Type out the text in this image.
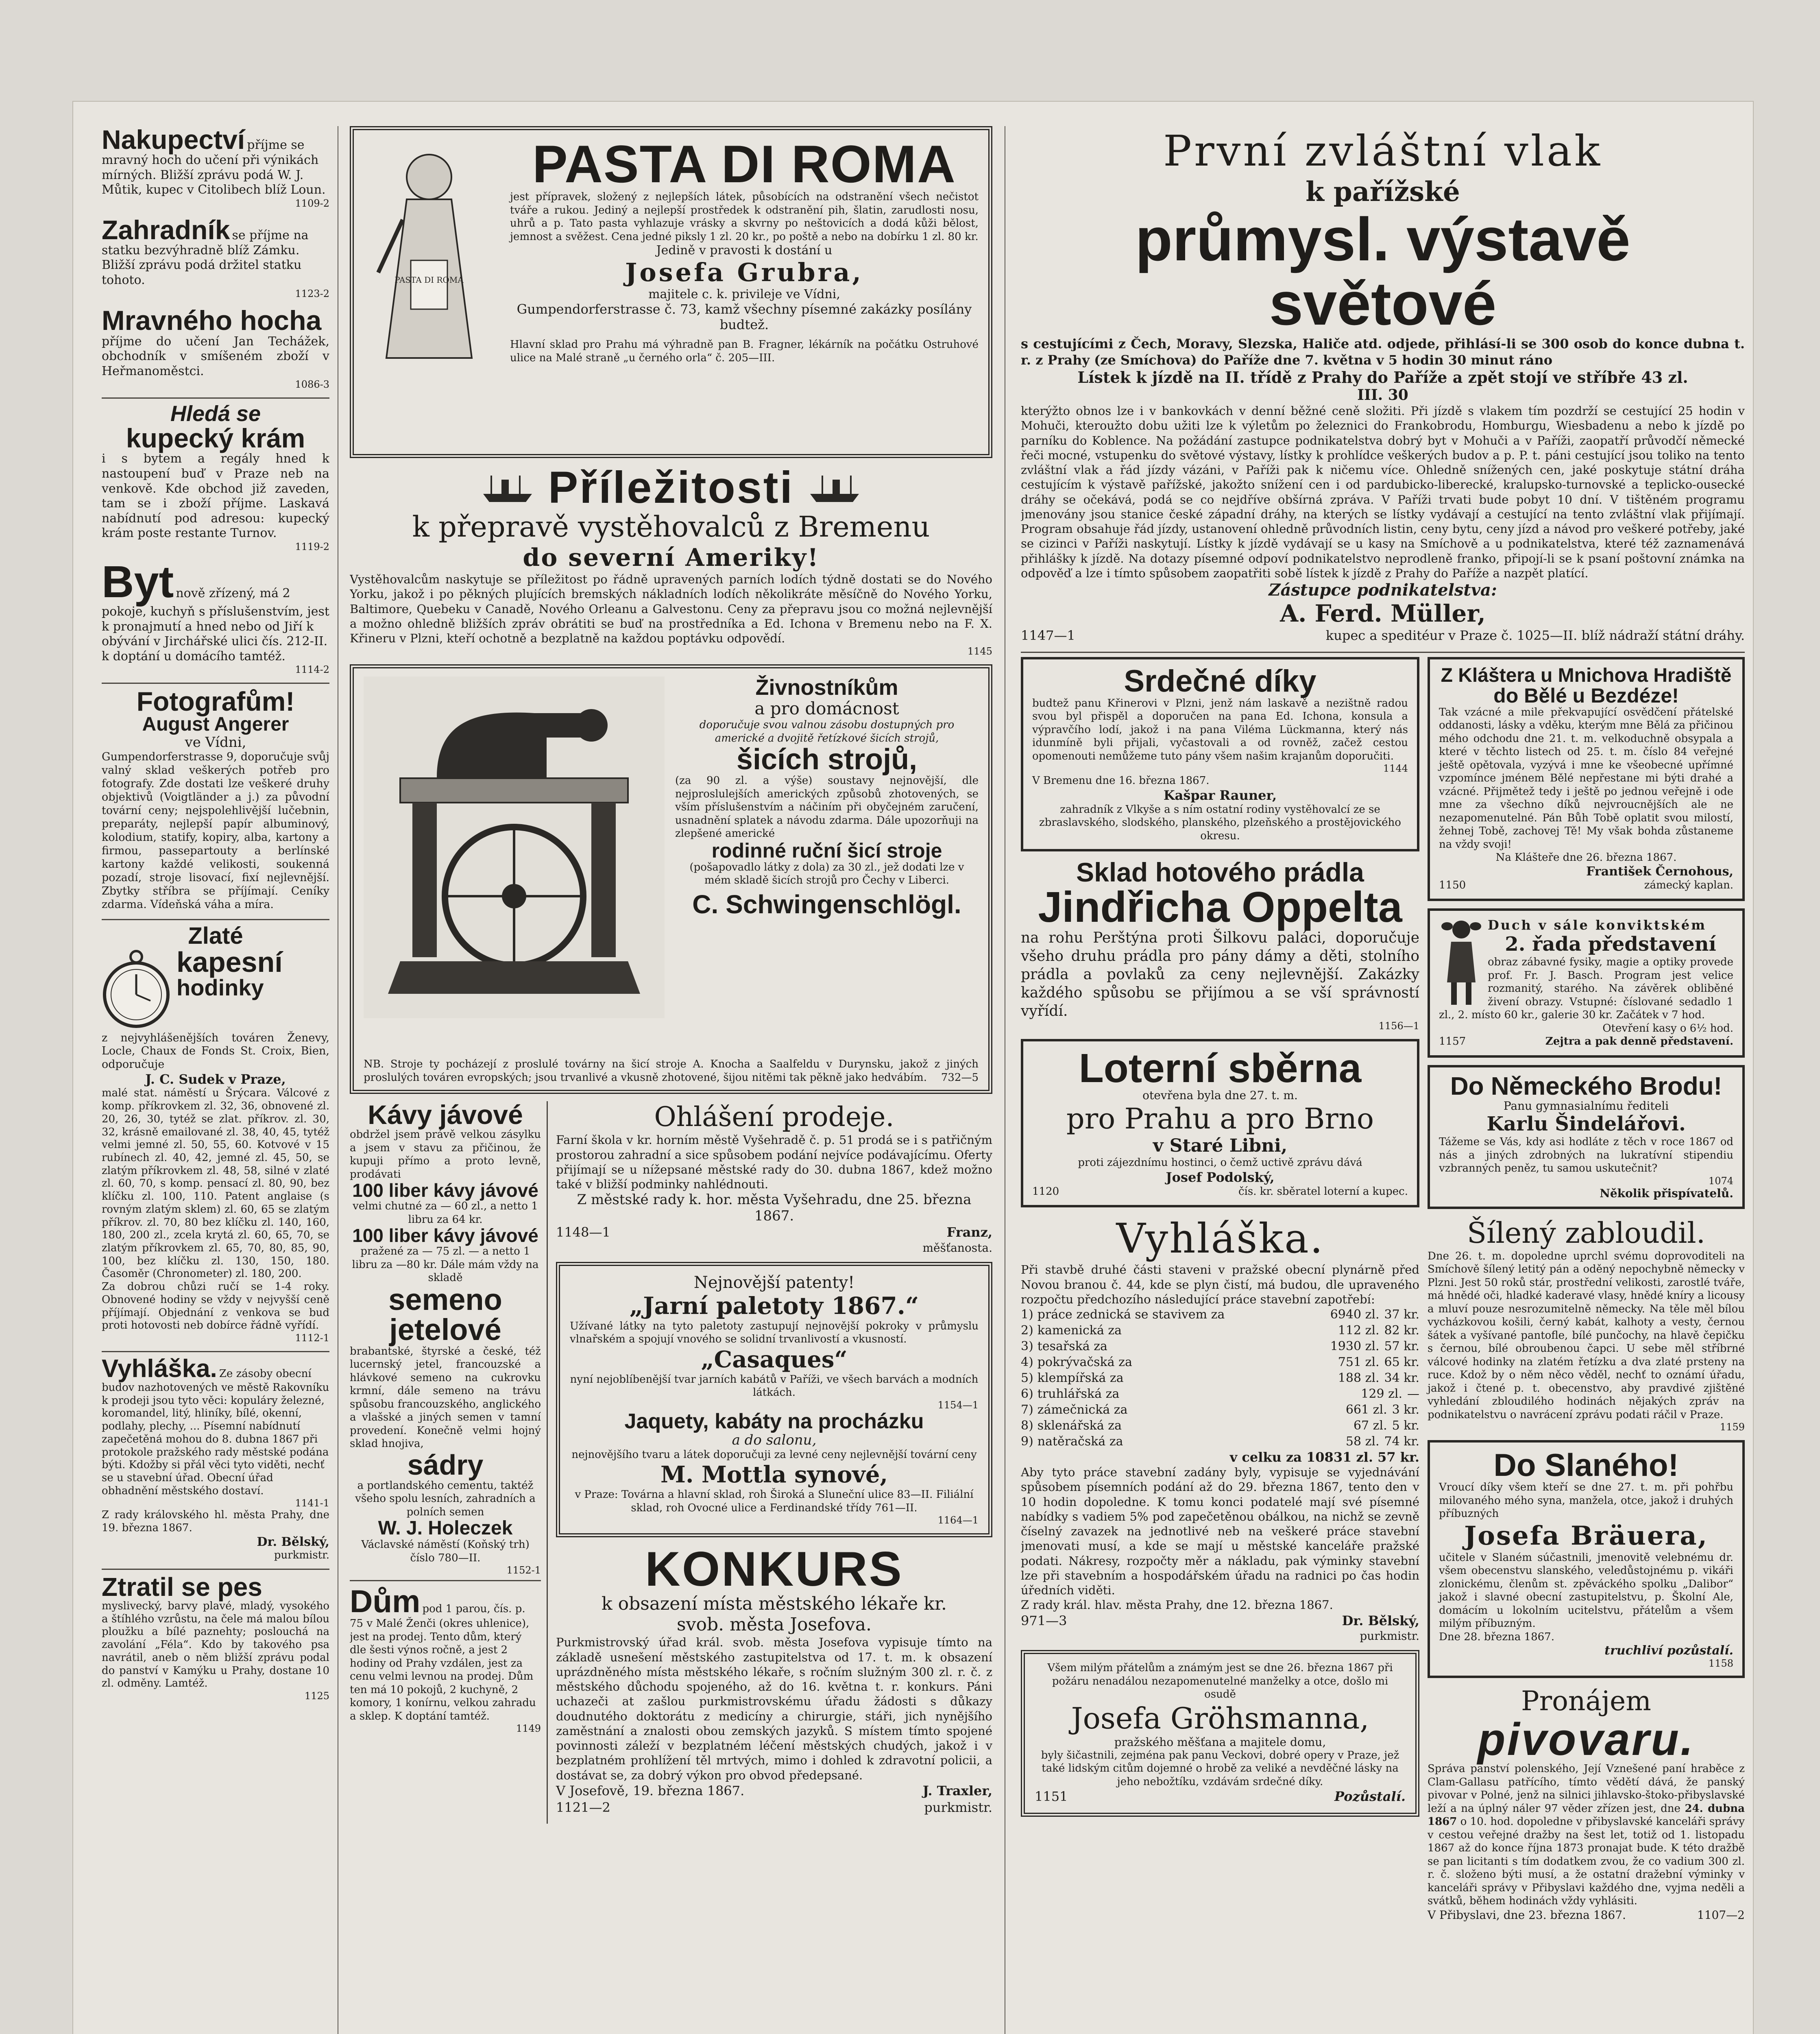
Nakupectví příjme se mravný hoch do učení při výnikách mírných. Bližší zprávu podá W. J. Můtik, kupec v Citolibech blíž Loun.
1109-2
Zahradník se příjme na statku bezvýhradně blíž Zámku. Bližší zprávu podá držitel statku tohoto.
1123-2
Mravného hocha
příjme do učení Jan Techážek, obchodník v smíšeném zboží v Heřmanoměstci.
1086-3
Hledá se
kupecký krám
i s bytem a regály hned k nastoupení buď v Praze neb na venkově. Kde obchod již zaveden, tam se i zboží příjme. Laskavá nabídnutí pod adresou: kupecký krám poste restante Turnov.
1119-2
Byt nově zřízený, má 2 pokoje, kuchyň s příslušenstvím, jest k pronajmutí a hned nebo od Jiří k obývání v Jirchářské ulici čís. 212-II. k doptání u domácího tamtéž.
1114-2
Fotografům!
August Angerer
ve Vídni,
Gumpendorferstrasse 9, doporučuje svůj valný sklad veškerých potřeb pro fotografy. Zde dostati lze veškeré druhy objektivů (Voigtländer a j.) za původní tovární ceny; nejspolehlivější lučebnin, preparáty, nejlepší papír albuminový, kolodium, statify, kopiry, alba, kartony a firmou, passepartouty a berlínské kartony každé velikosti, soukenná pozadí, stroje lisovací, fixí nejlevnější. Zbytky stříbra se příjímají. Ceníky zdarma. Vídeňská váha a míra.
Zlaté
kapesní
hodinky
z nejvyhlášenějších továren Ženevy, Locle, Chaux de Fonds St. Croix, Bien, odporučuje
J. C. Sudek v Praze,
malé stat. náměstí u Šrýcara. Válcové z komp. příkrovkem zl. 32, 36, obnovené zl. 20, 26, 30, tytéž se zlat. příkrov. zl. 30, 32, krásně emailované zl. 38, 40, 45, tytéž velmi jemné zl. 50, 55, 60. Kotvové v 15 rubínech zl. 40, 42, jemné zl. 45, 50, se zlatým příkrovkem zl. 48, 58, silné v zlaté zl. 60, 70, s komp. pensací zl. 80, 90, bez klíčku zl. 100, 110. Patent anglaise (s rovným zlatým sklem) zl. 60, 65 se zlatým příkrov. zl. 70, 80 bez klíčku zl. 140, 160, 180, 200 zl., zcela krytá zl. 60, 65, 70, se zlatým příkrovkem zl. 65, 70, 80, 85, 90, 100, bez klíčku zl. 130, 150, 180. Časoměr (Chronometer) zl. 180, 200.
Za dobrou chůzi ručí se 1-4 roky. Obnovené hodiny se vždy v nejvyšší ceně příjímají. Objednání z venkova se buď proti hotovosti neb dobírce řádně vyřídí.
1112-1
Vyhláška. Ze zásoby obecní budov nazhotovených ve městě Rakovníku k prodeji jsou tyto věci: kopuláry železné, koromandel, litý, hliníky, bílé, okenní, podlahy, plechy, ... Písemní nabídnutí zapečetěná mohou do 8. dubna 1867 při protokole pražského rady městské podána býti. Kdožby si přál věci tyto viděti, nechť se u stavební úřad. Obecní úřad obhadnění městského dostaví.
1141-1
Z rady královského hl. města Prahy, dne 19. března 1867.
Dr. Bělský,
purkmistr.
Ztratil se pes
myslivecký, barvy plavé, mladý, vysokého a štíhlého vzrůstu, na čele má malou bílou ploužku a bílé paznehty; poslouchá na zavolání „Féla“. Kdo by takového psa navrátil, aneb o něm bližší zprávu podal do panství v Kamýku u Prahy, dostane 10 zl. odměny. Lamtéž.
1125
PASTA DI ROMA
PASTA DI ROMA
jest přípravek, složený z nejlepších látek, působících na odstranění všech nečistot tváře a rukou. Jediný a nejlepší prostředek k odstranění pih, šlatin, zarudlosti nosu, uhrů a p. Tato pasta vyhlazuje vrásky a skvrny po neštovicích a dodá kůži bělost, jemnost a svěžest. Cena jedné piksly 1 zl. 20 kr., po poště a nebo na dobírku 1 zl. 80 kr.
Jedině v pravosti k dostání u
Josefa Grubra,
majitele c. k. privileje ve Vídni,
Gumpendorferstrasse č. 73, kamž všechny písemné zakázky posílány budtež.
Hlavní sklad pro Prahu má výhradně pan B. Fragner, lékárník na počátku Ostruhové ulice na Malé straně „u černého orla“ č. 205—III.
Příležitosti
k přepravě vystěhovalců z Bremenu
do severní Ameriky!
Vystěhovalcům naskytuje se příležitost po řádně upravených parních lodích týdně dostati se do Nového Yorku, jakož i po pěkných plujících bremských nákladních lodích několikráte měsíčně do Nového Yorku, Baltimore, Quebeku v Canadě, Nového Orleanu a Galvestonu. Ceny za přepravu jsou co možná nejlevnější a možno ohledně bližších zpráv obrátiti se buď na prostředníka a Ed. Ichona v Bremenu nebo na F. X. Křineru v Plzni, kteří ochotně a bezplatně na každou poptávku odpovědí.
1145
Živnostníkům
a pro domácnost
doporučuje svou valnou zásobu dostupných pro americké a dvojitě řetízkové šicích strojů,
šicích strojů,
(za 90 zl. a výše) soustavy nejnovější, dle nejproslulejších amerických způsobů zhotovených, se vším příslušenstvím a náčiním při obyčejném zaručení, usnadnění splatek a návodu zdarma. Dále upozorňuji na zlepšené americké
rodinné ruční šicí stroje
(pošapovadlo látky z dola) za 30 zl., jež dodati lze v mém skladě šicích strojů pro Čechy v Liberci.
C. Schwingenschlögl.
NB. Stroje ty pocházejí z proslulé továrny na šicí stroje A. Knocha a Saalfeldu v Durynsku, jakož z jiných proslulých továren evropských; jsou trvanlivé a vkusně zhotovené, šijou nitěmi tak pěkně jako hedvábím. 732—5
Kávy jávové
obdržel jsem právě velkou zásylku a jsem v stavu za přičinou, že kupuji přímo a proto levně, prodávati
100 liber kávy jávové
velmi chutné za — 60 zl., a netto 1 libru za 64 kr.
100 liber kávy jávové
pražené za — 75 zl. — a netto 1 libru za —80 kr. Dále mám vždy na skladě
semeno jetelové
brabantské, štyrské a české, též lucernský jetel, francouzské a hlávkové semeno na cukrovku krmní, dále semeno na trávu spůsobu francouzského, anglického a vlašské a jiných semen v tamní provedení. Konečně velmi hojný sklad hnojiva,
sádry
a portlandského cementu, taktéž všeho spolu lesních, zahradních a polních semen
W. J. Holeczek
Václavské náměstí (Koňský trh) číslo 780—II.
1152-1
Dům pod 1 parou, čís. p. 75 v Malé Ženči (okres uhlenice), jest na prodej. Tento dům, který dle šesti výnos ročně, a jest 2 hodiny od Prahy vzdálen, jest za cenu velmi levnou na prodej. Dům ten má 10 pokojů, 2 kuchyně, 2 komory, 1 konírnu, velkou zahradu a sklep. K doptání tamtéž.
1149
Ohlášení prodeje.
Farní škola v kr. horním městě Vyšehradě č. p. 51 prodá se i s patřičným prostorou zahradní a sice spůsobem podání nejvíce podávajícímu. Oferty přijímají se u nížepsané městské rady do 30. dubna 1867, kdež možno také v bližší podminky nahlédnouti.
Z městské rady k. hor. města Vyšehradu, dne 25. března 1867.
1148—1	Franz,
měšťanosta.
Nejnovější patenty!
„Jarní paletoty 1867.“
Užívané látky na tyto paletoty zastupují nejnovější pokroky v průmyslu vlnařském a spojují vnového se solidní trvanlivostí a vkusností.
„Casaques“
nyní nejoblíbenější tvar jarních kabátů v Paříži, ve všech barvách a modních látkách.
1154—1
Jaquety, kabáty na procházku
a do salonu,
nejnovějšího tvaru a látek doporučuji za levné ceny nejlevnější tovární ceny
M. Mottla synové,
v Praze: Továrna a hlavní sklad, roh Široká a Sluneční ulice 83—II. Filiální sklad, roh Ovocné ulice a Ferdinandské třídy 761—II.
1164—1
KONKURS
k obsazení místa městského lékaře kr.
svob. města Josefova.
Purkmistrovský úřad král. svob. města Josefova vypisuje tímto na základě usnešení městského zastupitelstva od 17. t. m. k obsazení uprázdněného místa městského lékaře, s ročním služným 300 zl. r. č. z městského důchodu spojeného, až do 16. května t. r. konkurs. Páni uchazeči at zašlou purkmistrovskému úřadu žádosti s důkazy doudnutého doktorátu z medicíny a chirurgie, stáři, jich nynějšího zaměstnání a znalosti obou zemských jazyků. S místem tímto spojené povinnosti záleží v bezplatném léčení městských chudých, jakož i v bezplatném prohlížení těl mrtvých, mimo i dohled k zdravotní policii, a dostávat se, za dobrý výkon pro obvod předepsané.
V Josefově, 19. března 1867.	J. Traxler,
1121—2	purkmistr.
První zvláštní vlak
k pařížské
průmysl. výstavě světové
s cestujícími z Čech, Moravy, Slezska, Haliče atd. odjede, přihlásí-li se 300 osob do konce dubna t. r. z Prahy (ze Smíchova) do Paříže dne 7. května v 5 hodin 30 minut ráno
Lístek k jízdě na II. třídě z Prahy do Paříže a zpět stojí ve stříbře 43 zl.
III. 30
kterýžto obnos lze i v bankovkách v denní běžné ceně složiti. Při jízdě s vlakem tím pozdrží se cestující 25 hodin v Mohuči, kteroužto dobu užiti lze k výletům po železnici do Frankobrodu, Homburgu, Wiesbadenu a nebo k jízdě po parníku do Koblence. Na požádání zastupce podnikatelstva dobrý byt v Mohuči a v Paříži, zaopatří průvodčí německé řeči mocné, vstupenku do světové výstavy, lístky k prohlídce veškerých budov a p. P. t. páni cestující jsou toliko na tento zvláštní vlak a řád jízdy vázáni, v Paříži pak k ničemu více. Ohledně snížených cen, jaké poskytuje státní dráha cestujícím k výstavě pařížské, jakožto snížení cen i od pardubicko-liberecké, kralupsko-turnovské a teplicko-ousecké dráhy se očekává, podá se co nejdříve obšírná zpráva. V Paříži trvati bude pobyt 10 dní. V tištěném programu jmenovány jsou stanice české západní dráhy, na kterých se lístky vydávají a cestující na tento zvláštní vlak přijímají. Program obsahuje řád jízdy, ustanovení ohledně průvodních listin, ceny bytu, ceny jízd a návod pro veškeré potřeby, jaké se cizinci v Paříži naskytují. Lístky k jízdě vydávají se u kasy na Smíchově a u podnikatelstva, které též zaznamenává přihlášky k jízdě. Na dotazy písemné odpoví podnikatelstvo neprodleně franko, připojí-li se k psaní poštovní známka na odpověď a lze i tímto spůsobem zaopatřiti sobě lístek k jízdě z Prahy do Paříže a nazpět platící.
Zástupce podnikatelstva:
A. Ferd. Müller,
1147—1	kupec a speditéur v Praze č. 1025—II. blíž nádraží státní dráhy.
Srdečné díky
budtež panu Křinerovi v Plzni, jenž nám laskavě a nezištně radou svou byl přispěl a doporučen na pana Ed. Ichona, konsula a výpravčího lodí, jakož i na pana Viléma Lückmanna, který nás idunmíně byli přijali, vyčastovali a od rovněž, začež cestou opomenouti nemůžeme tuto pány všem našim krajanům doporučiti.
1144
V Bremenu dne 16. března 1867.
Kašpar Rauner,
zahradník z Vlkyše a s ním ostatní rodiny vystěhovalcí ze se zbraslavského, slodského, planského, plzeňského a prostějovického okresu.
Sklad hotového prádla
Jindřicha Oppelta
na rohu Perštýna proti Šilkovu paláci, doporučuje všeho druhu prádla pro pány dámy a děti, stolního prádla a povlaků za ceny nejlevnější. Zakázky každého spůsobu se přijímou a se vší správností vyřídí.
1156—1
Loterní sběrna
otevřena byla dne 27. t. m.
pro Prahu a pro Brno
v Staré Libni,
proti zájezdnímu hostinci, o čemž uctivě zprávu dává
Josef Podolský,
1120	čís. kr. sběratel loterní a kupec.
Vyhláška.
Při stavbě druhé části staveni v pražské obecní plynárně před Novou branou č. 44, kde se plyn čistí, má budou, dle upraveného rozpočtu předchozího následující práce stavební zapotřebí:
1) práce zednická se stavivem za	6940 zl. 37 kr.
2) kamenická za	112 zl. 82 kr.
3) tesařská za	1930 zl. 57 kr.
4) pokrývačská za	751 zl. 65 kr.
5) klempířská za	188 zl. 34 kr.
6) truhlářská za	129 zl. —
7) zámečnická za	661 zl. 3 kr.
8) sklenářská za	67 zl. 5 kr.
9) natěračská za	58 zl. 74 kr.
v celku za 10831 zl. 57 kr.
Aby tyto práce stavební zadány byly, vypisuje se vyjednávání spůsobem písemních podání až do 29. března 1867, tento den v 10 hodin dopoledne. K tomu konci podatelé mají své písemné nabídky s vadiem 5% pod zapečetěnou obálkou, na nichž se zevně číselný zavazek na jednotlivé neb na veškeré práce stavební jmenovati musí, a kde se mají u městské kanceláře pražské podati. Nákresy, rozpočty měr a nákladu, pak výminky stavební lze při stavebním a hospodářském úřadu na radnici po čas hodin úředních viděti.
Z rady král. hlav. města Prahy, dne 12. března 1867.
971—3	Dr. Bělský,
purkmistr.
Všem milým přátelům a známým jest se dne 26. března 1867 při požáru nenadálou nezapomenutelné manželky a otce, došlo mi osudě
Josefa Gröhsmanna,
pražského měšťana a majitele domu,
byly šičastnili, zejména pak panu Veckovi, dobré opery v Praze, jež také lidským citům dojemné o hrobě za veliké a nevděčné lásky na jeho nebožtíku, vzdávám srdečné díky.
1151	Pozůstalí.
Z Kláštera u Mnichova Hradiště
do Bělé u Bezdéze!
Tak vzácné a mile překvapující osvědčení přátelské oddanosti, lásky a vděku, kterým mne Bělá za přičinou mého odchodu dne 21. t. m. velkoduchně obsypala a které v těchto listech od 25. t. m. číslo 84 veřejné ještě opětovala, vyzývá i mne ke všeobecné upřímné vzpomínce jménem Bělé nepřestane mi býti drahé a vzácné. Přijmětež tedy i ještě po jednou veřejně i ode mne za všechno díků nejvroucnějších ale ne nezapomenutelné. Pán Bůh Tobě oplatit svou milostí, žehnej Tobě, zachovej Tě! My však bohda zůstaneme na vždy svoji!
Na Klášteře dne 26. března 1867.
František Černohous,
1150	zámecký kaplan.
Duch v sále konviktském
2. řada představení
obraz zábavné fysiky, magie a optiky provede prof. Fr. J. Basch. Program jest velice rozmanitý, starého. Na závěrek obliběné živení obrazy. Vstupné: číslované sedadlo 1 zl., 2. místo 60 kr., galerie 30 kr. Začátek v 7 hod.
Otevření kasy o 6½ hod.
1157	Zejtra a pak denně představení.
Do Německého Brodu!
Panu gymnasialnímu řediteli
Karlu Šindelářovi.
Tážeme se Vás, kdy asi hodláte z těch v roce 1867 od nás a jiných zdrobných na lukratívní stipendiu vzbranných peněz, tu samou uskutečnit?
1074
Několik přispívatelů.
Šílený zabloudil.
Dne 26. t. m. dopoledne uprchl svému doprovoditeli na Smíchově šílený letitý pán a oděný nepochybně německy v Plzni. Jest 50 roků stár, prostřední velikosti, zarostlé tváře, má hnědé oči, hladké kaderavé vlasy, hnědé kníry a licousy a mluví pouze nesrozumitelně německy. Na těle měl bílou vycházkovou košili, černý kabát, kalhoty a vesty, černou šátek a vyšívané pantofle, bílé punčochy, na hlavě čepičku s černou, bílé obroubenou čapci. U sebe měl stříbrné válcové hodinky na zlatém řetízku a dva zlaté prsteny na ruce. Kdož by o něm něco věděl, nechť to oznámí úřadu, jakož i čtené p. t. obecenstvo, aby pravdivé zjištěné vyhledání zbloudilého hodinách nějakých zpráv na podnikatelstvu o navrácení zprávu podati ráčil v Praze.
1159
Do Slaného!
Vroucí díky všem kteří se dne 27. t. m. při pohřbu milovaného mého syna, manžela, otce, jakož i druhých příbuzných
Josefa Bräuera,
učitele v Slaném súčastnili, jmenovitě velebnému dr. všem obecenstvu slanského, veledůstojnému p. vikáři zlonickému, členům st. zpěváckého spolku „Dalibor“ jakož i slavné obecní zastupitelstvu, p. Školní Ale, domácím u lokolním ucitelstvu, přátelům a všem milým příbuzným.
Dne 28. března 1867.
truchliví pozůstalí.
1158
Pronájem
pivovaru.
Správa panství polenského, Její Vznešené paní hraběce z Clam-Gallasu patřícího, tímto vědětí dává, že panský pivovar v Polné, jenž na silnici jihlavsko-štoko-přibyslavské leží a na úplný náler 97 věder zřízen jest, dne 24. dubna 1867 o 10. hod. dopoledne v přibyslavské kanceláři správy v cestou veřejné dražby na šest let, totiž od 1. listopadu 1867 až do konce října 1873 pronajat bude. K této dražbě se pan licitanti s tím dodatkem zvou, že co vadium 300 zl. r. č. složeno býti musí, a že ostatní dražební výminky v kanceláři správy v Přibyslavi každého dne, vyjma neděli a svátků, během hodinách vždy vyhlásiti.
V Přibyslavi, dne 23. března 1867.	1107—2
